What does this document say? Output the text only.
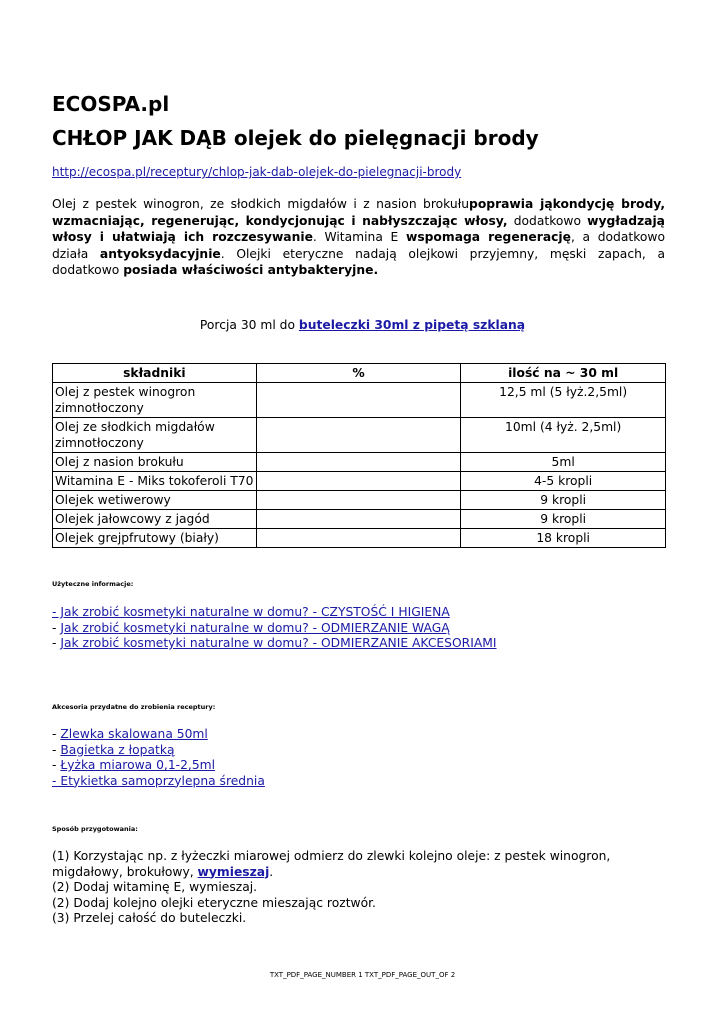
ECOSPA.pl
CHŁOP JAK DĄB olejek do pielęgnacji brody
http://ecospa.pl/receptury/chlop-jak-dab-olejek-do-pielegnacji-brody
Olej z pestek winogron, ze słodkich migdałów i z nasion brokułupoprawia jąkondycję brody, wzmacniając, regenerując, kondycjonując i nabłyszczając włosy, dodatkowo wygładzają włosy i ułatwiają ich rozczesywanie. Witamina E wspomaga regenerację, a dodatkowo działa antyoksydacyjnie. Olejki eteryczne nadają olejkowi przyjemny, męski zapach, a dodatkowo posiada właściwości antybakteryjne.
Porcja 30 ml do buteleczki 30ml z pipetą szklaną
składniki	%	ilość na ~ 30 ml
Olej z pestek winogron zimnotłoczony		12,5 ml (5 łyż.2,5ml)
Olej ze słodkich migdałów zimnotłoczony		10ml (4 łyż. 2,5ml)
Olej z nasion brokułu		5ml
Witamina E - Miks tokoferoli T70		4-5 kropli
Olejek wetiwerowy		9 kropli
Olejek jałowcowy z jagód		9 kropli
Olejek grejpfrutowy (biały)		18 kropli
Użyteczne informacje:
- Jak zrobić kosmetyki naturalne w domu? - CZYSTOŚĆ I HIGIENA
- Jak zrobić kosmetyki naturalne w domu? - ODMIERZANIE WAGĄ
- Jak zrobić kosmetyki naturalne w domu? - ODMIERZANIE AKCESORIAMI
Akcesoria przydatne do zrobienia receptury:
- Zlewka skalowana 50ml
- Bagietka z łopatką
- Łyżka miarowa 0,1-2,5ml
- Etykietka samoprzylepna średnia
Sposób przygotowania:
(1) Korzystając np. z łyżeczki miarowej odmierz do zlewki kolejno oleje: z pestek winogron, migdałowy, brokułowy, wymieszaj.
(2) Dodaj witaminę E, wymieszaj.
(2) Dodaj kolejno olejki eteryczne mieszając roztwór.
(3) Przelej całość do buteleczki.
TXT_PDF_PAGE_NUMBER 1 TXT_PDF_PAGE_OUT_OF 2
